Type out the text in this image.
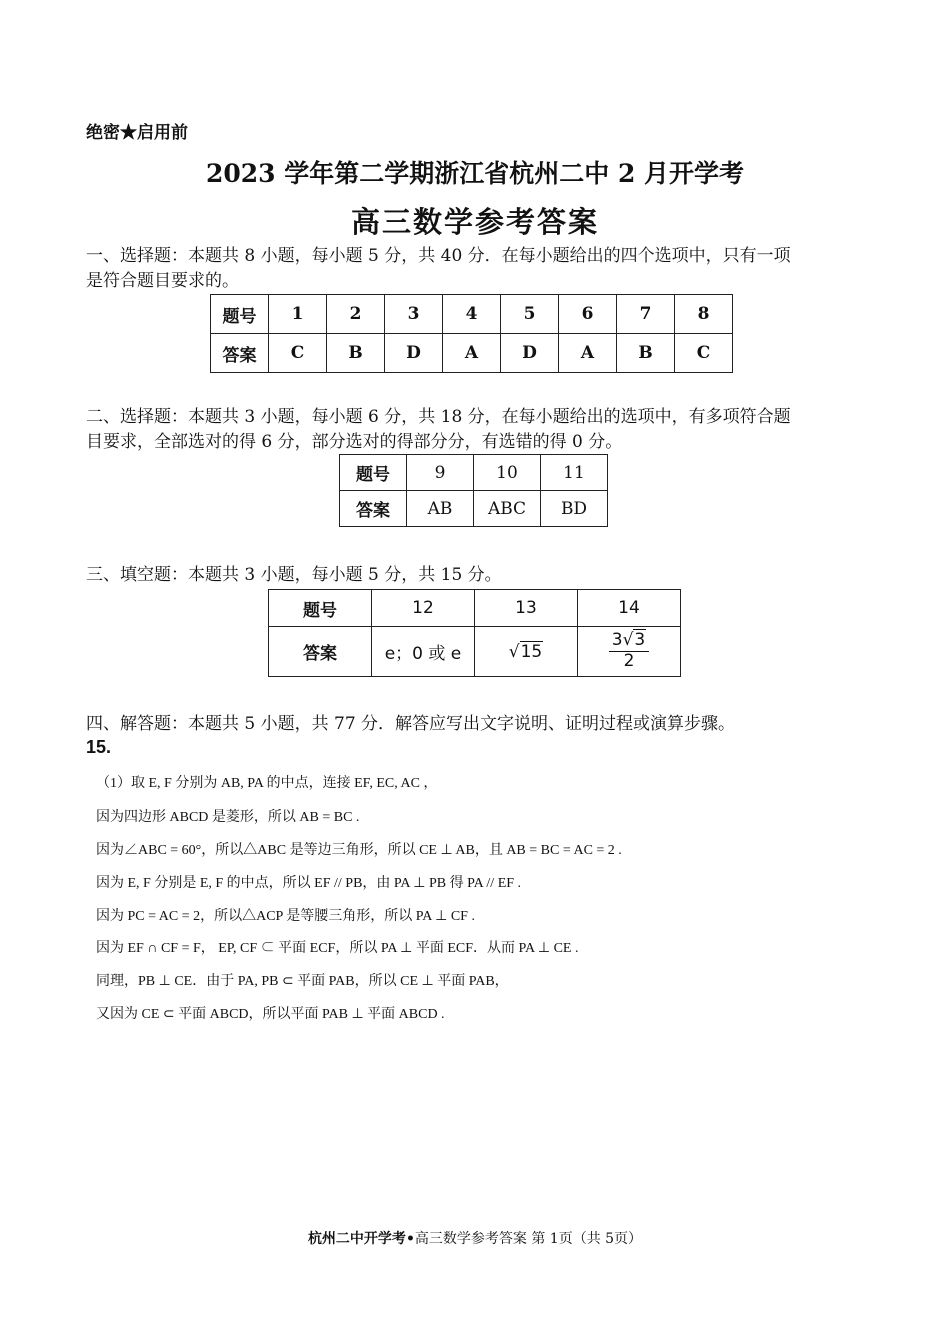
绝密★启用前
2023 学年第二学期浙江省杭州二中 2 月开学考
高三数学参考答案
一、选择题：本题共 8 小题，每小题 5 分，共 40 分．在每小题给出的四个选项中，只有一项
是符合题目要求的。
题号	1	2	3	4	5	6	7	8
答案	C	B	D	A	D	A	B	C
二、选择题：本题共 3 小题，每小题 6 分，共 18 分，在每小题给出的选项中，有多项符合题
目要求，全部选对的得 6 分，部分选对的得部分分，有选错的得 0 分。
题号	9	10	11
答案	AB	ABC	BD
三、填空题：本题共 3 小题，每小题 5 分，共 15 分。
题号	12	13	14
答案	e；0 或 e	√15	$\frac{3√3}{2}$
四、解答题：本题共 5 小题，共 77 分．解答应写出文字说明、证明过程或演算步骤。
15.
（1）取 E, F 分别为 AB, PA 的中点，连接 EF, EC, AC ，
因为四边形 ABCD 是菱形，所以 AB = BC .
因为∠ABC = 60°，所以△ABC 是等边三角形，所以 CE ⊥ AB，且 AB = BC = AC = 2 .
因为 E, F 分别是 E, F 的中点，所以 EF // PB，由 PA ⊥ PB 得 PA // EF .
因为 PC = AC = 2，所以△ACP 是等腰三角形，所以 PA ⊥ CF .
因为 EF ∩ CF = F， EP, CF ⊂ 平面 ECF，所以 PA ⊥ 平面 ECF．从而 PA ⊥ CE .
同理，PB ⊥ CE．由于 PA, PB ⊂ 平面 PAB，所以 CE ⊥ 平面 PAB，
又因为 CE ⊂ 平面 ABCD，所以平面 PAB ⊥ 平面 ABCD .
杭州二中开学考•高三数学参考答案 第 1页（共 5页）
